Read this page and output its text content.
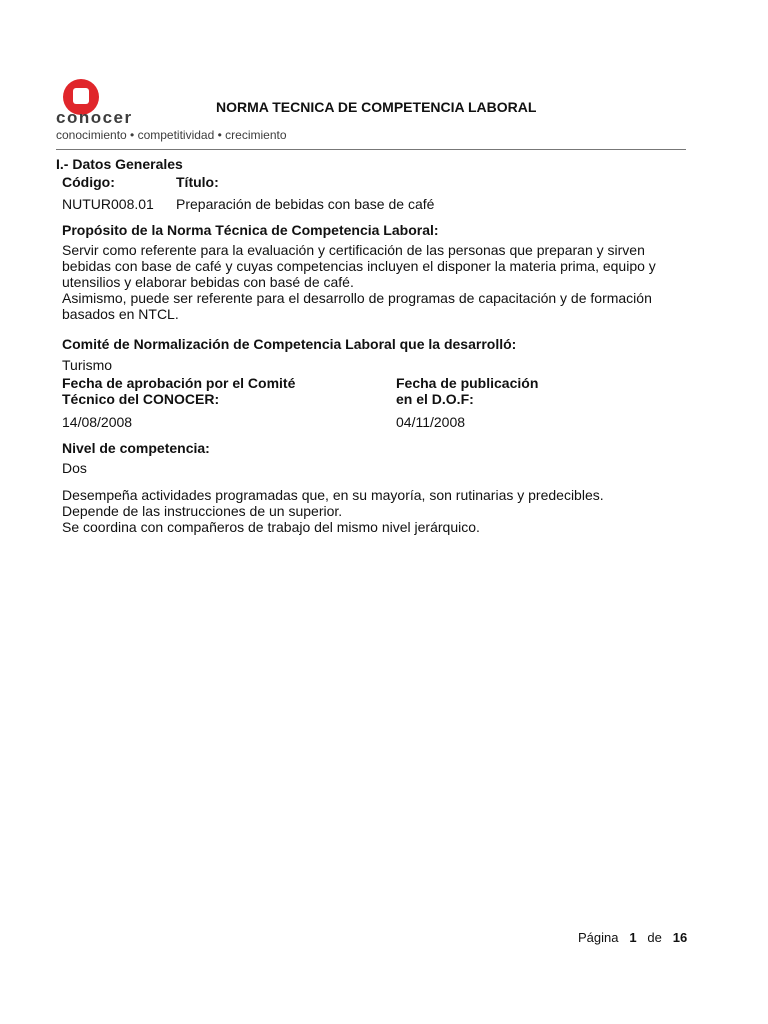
conocer
conocimiento • competitividad • crecimiento
NORMA TECNICA DE COMPETENCIA LABORAL
I.- Datos Generales
Código:	Título:
NUTUR008.01 Preparación de bebidas con base de café
Propósito de la Norma Técnica de Competencia Laboral:
Servir como referente para la evaluación y certificación de las personas que preparan y sirven
bebidas con base de café y cuyas competencias incluyen el disponer la materia prima, equipo y
utensilios y elaborar bebidas con basé de café.
Asimismo, puede ser referente para el desarrollo de programas de capacitación y de formación
basados en NTCL.
Comité de Normalización de Competencia Laboral que la desarrolló:
Turismo
Fecha de aprobación por el Comité
Técnico del CONOCER:
Fecha de publicación
en el D.O.F:
14/08/2008	04/11/2008
Nivel de competencia:
Dos
Desempeña actividades programadas que, en su mayoría, son rutinarias y predecibles.
Depende de las instrucciones de un superior.
Se coordina con compañeros de trabajo del mismo nivel jerárquico.
Página 1 de 16
